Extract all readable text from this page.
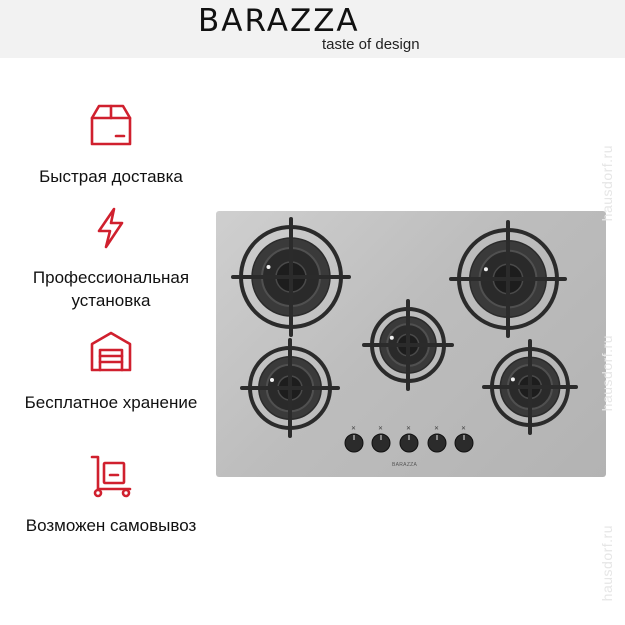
BARAZZA
taste of design
Быстрая доставка
Профессиональная установка
Бесплатное хранение
Возможен самовывоз
✕	✕	✕	✕	✕
BARAZZA
hausdorf.ru
hausdorf.ru
hausdorf.ru
